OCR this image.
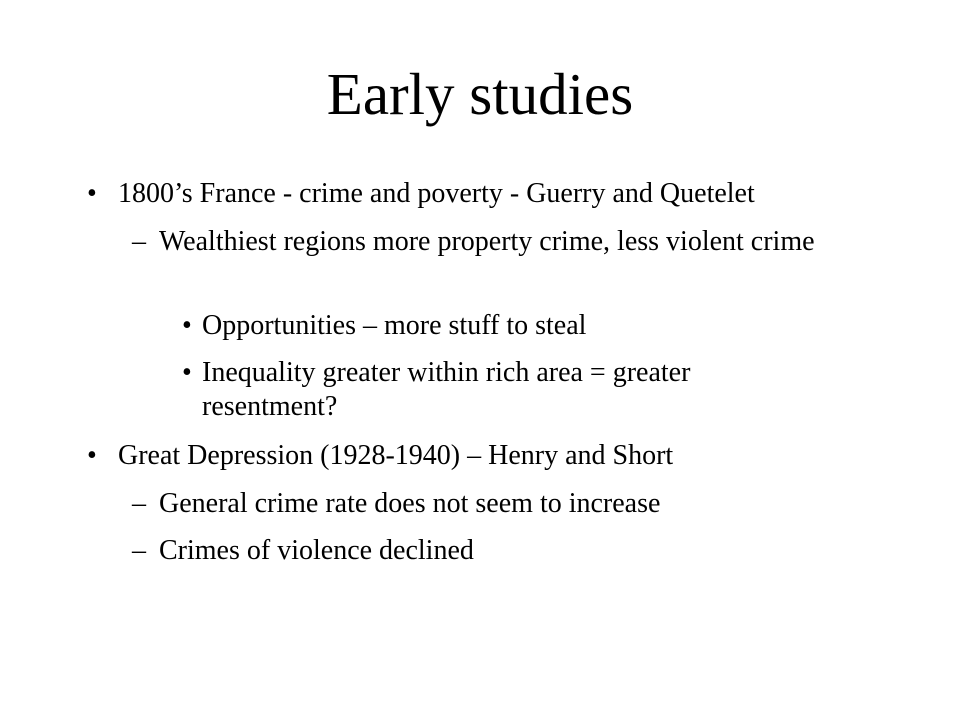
Early studies
• 1800’s France - crime and poverty - Guerry and Quetelet
– Wealthiest regions more property crime, less violent crime
• Opportunities – more stuff to steal
• Inequality greater within rich area = greater resentment?
• Great Depression (1928-1940) – Henry and Short
– General crime rate does not seem to increase
– Crimes of violence declined
